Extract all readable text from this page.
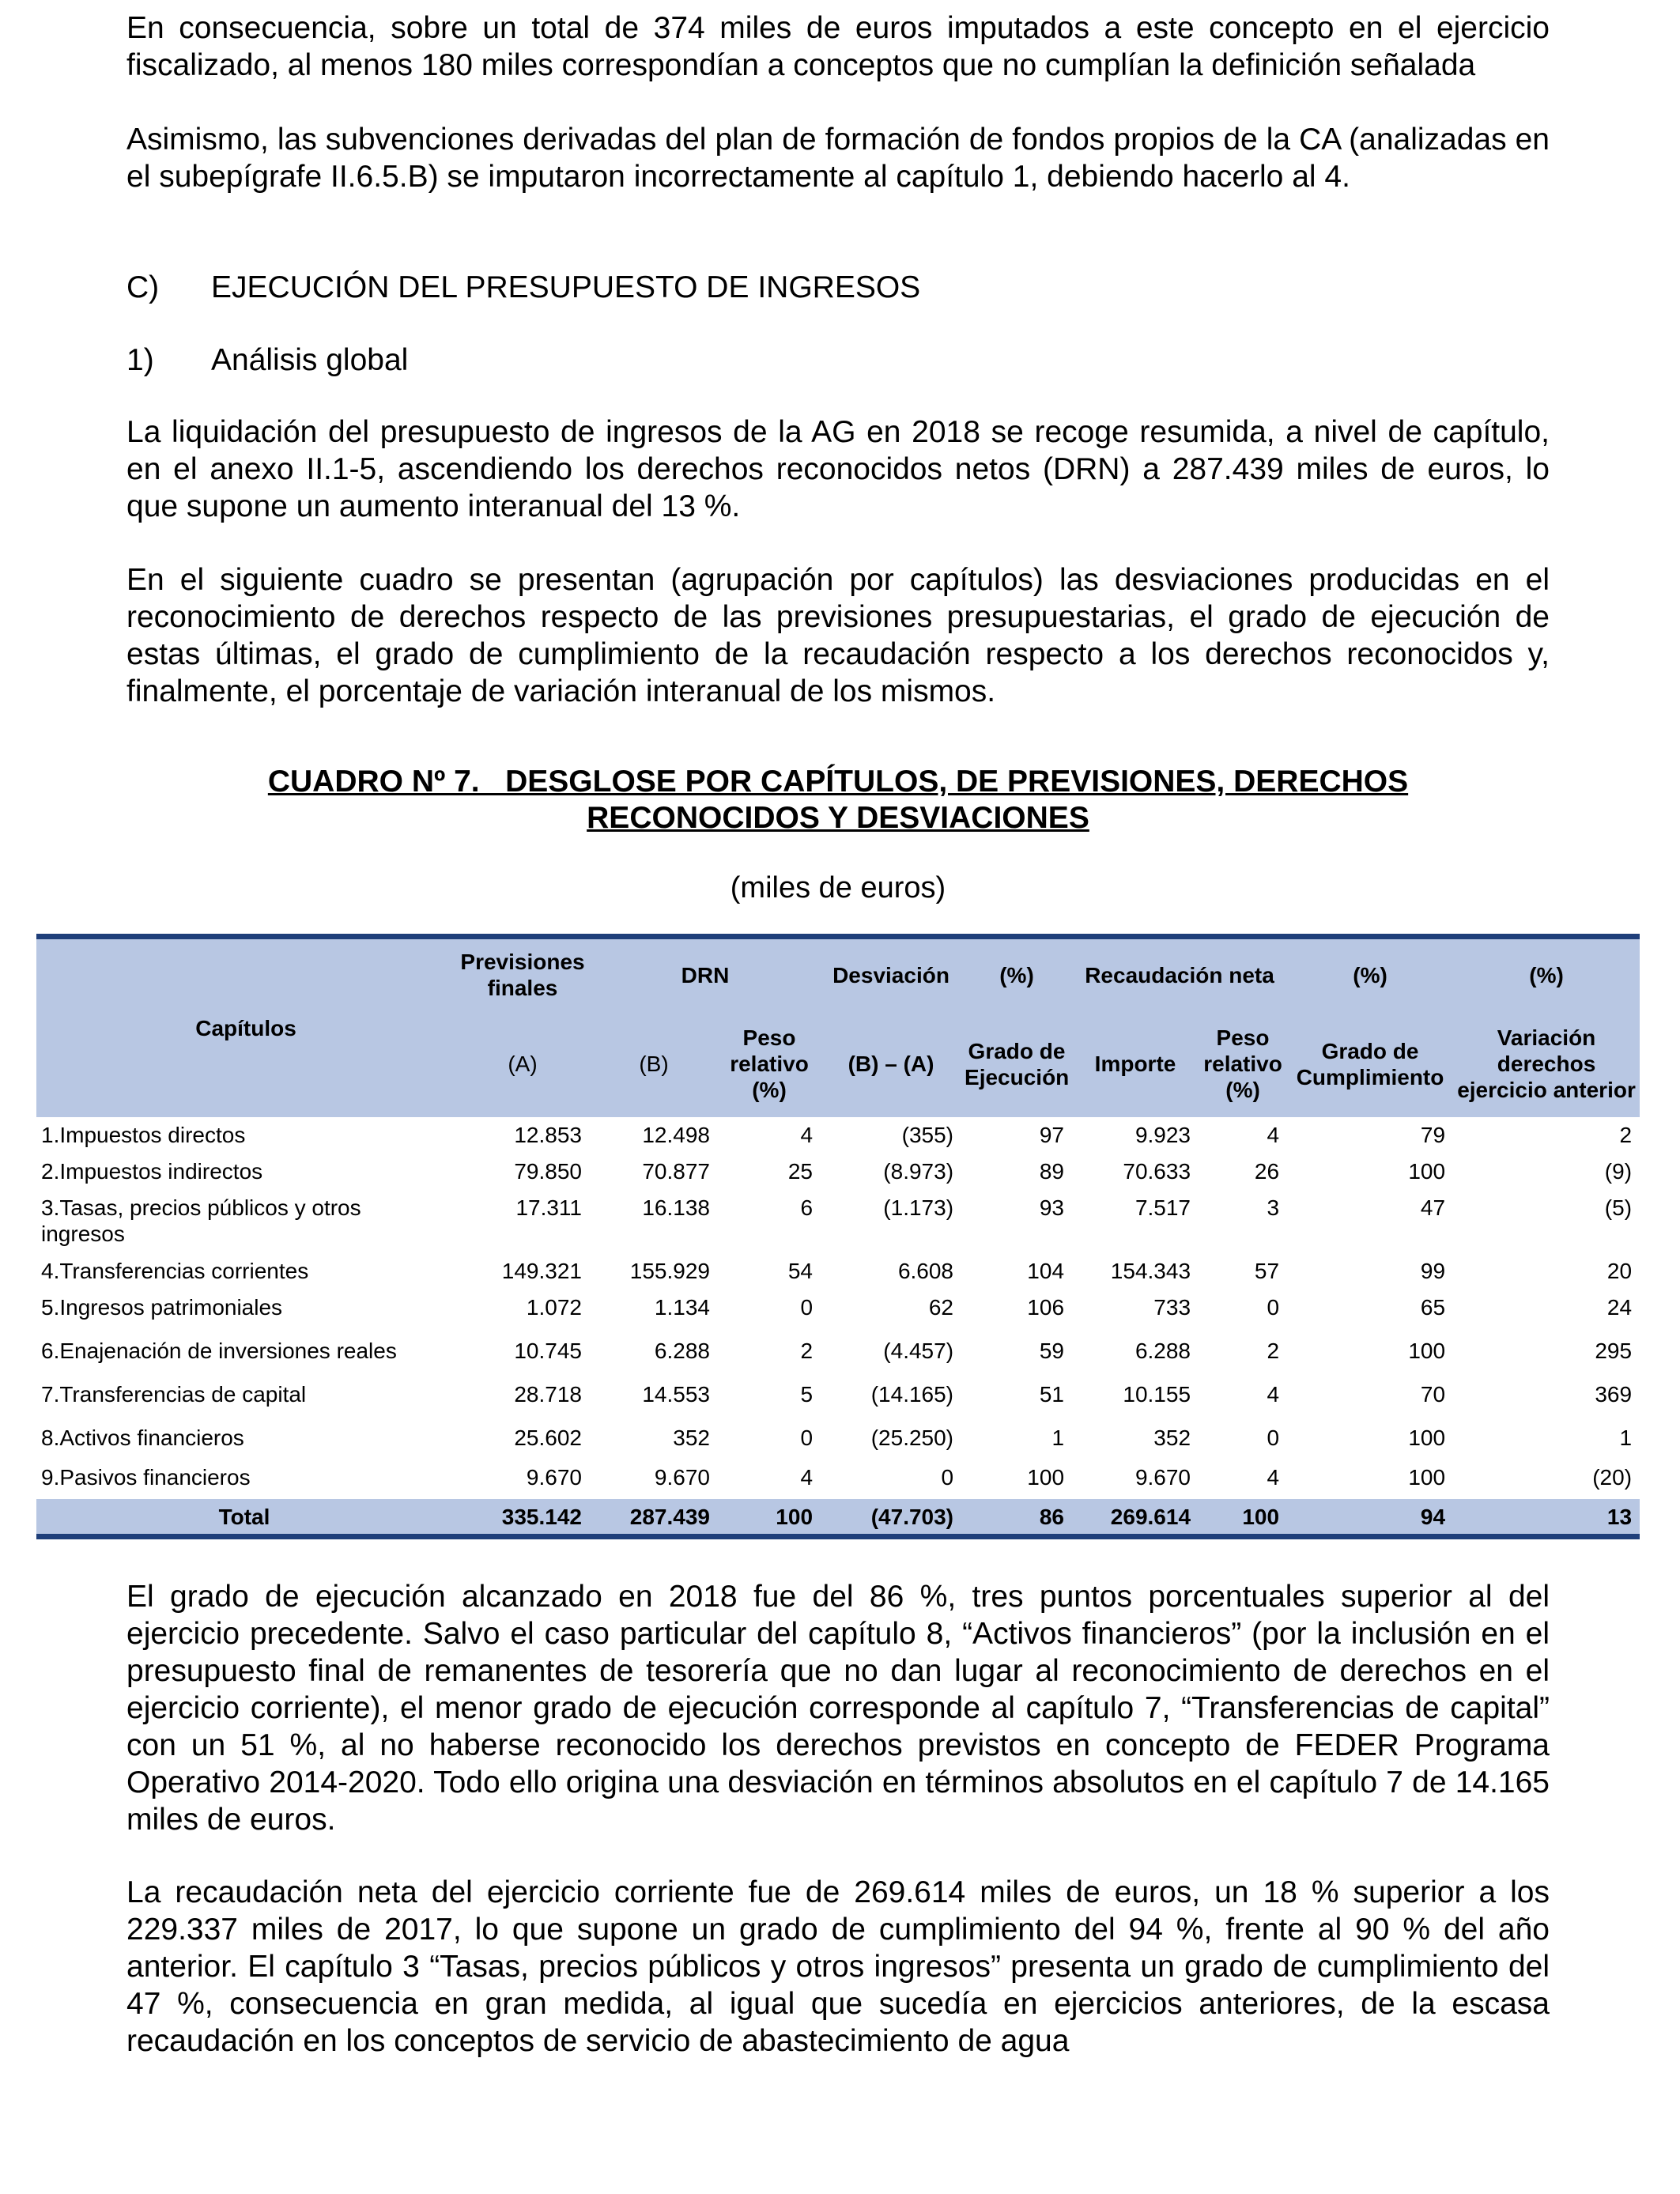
En consecuencia, sobre un total de 374 miles de euros imputados a este concepto en el ejercicio fiscalizado, al menos 180 miles correspondían a conceptos que no cumplían la definición señalada

Asimismo, las subvenciones derivadas del plan de formación de fondos propios de la CA (analizadas en el subepígrafe II.6.5.B) se imputaron incorrectamente al capítulo 1, debiendo hacerlo al 4.

C) EJECUCIÓN DEL PRESUPUESTO DE INGRESOS
1) Análisis global

La liquidación del presupuesto de ingresos de la AG en 2018 se recoge resumida, a nivel de capítulo, en el anexo II.1-5, ascendiendo los derechos reconocidos netos (DRN) a 287.439 miles de euros, lo que supone un aumento interanual del 13 %.

En el siguiente cuadro se presentan (agrupación por capítulos) las desviaciones producidas en el reconocimiento de derechos respecto de las previsiones presupuestarias, el grado de ejecución de estas últimas, el grado de cumplimiento de la recaudación respecto a los derechos reconocidos y, finalmente, el porcentaje de variación interanual de los mismos.

CUADRO Nº 7.   DESGLOSE POR CAPÍTULOS, DE PREVISIONES, DERECHOS
RECONOCIDOS Y DESVIACIONES
(miles de euros)
Capítulos	Previsiones finales	DRN		Desviación	(%)	Recaudación neta		(%)	(%)
	(A)	(B)	Peso relativo (%)	(B) – (A)	Grado de Ejecución	Importe	Peso relativo (%)	Grado de Cumplimiento	Variación derechos ejercicio anterior
1.Impuestos directos	12.853	12.498	4	(355)	97	9.923	4	79	2
2.Impuestos indirectos	79.850	70.877	25	(8.973)	89	70.633	26	100	(9)
3.Tasas, precios públicos y otros ingresos	17.311	16.138	6	(1.173)	93	7.517	3	47	(5)
4.Transferencias corrientes	149.321	155.929	54	6.608	104	154.343	57	99	20
5.Ingresos patrimoniales	1.072	1.134	0	62	106	733	0	65	24
6.Enajenación de inversiones reales	10.745	6.288	2	(4.457)	59	6.288	2	100	295
7.Transferencias de capital	28.718	14.553	5	(14.165)	51	10.155	4	70	369
8.Activos financieros	25.602	352	0	(25.250)	1	352	0	100	1
9.Pasivos financieros	9.670	9.670	4	0	100	9.670	4	100	(20)
Total	335.142	287.439	100	(47.703)	86	269.614	100	94	13

El grado de ejecución alcanzado en 2018 fue del 86 %, tres puntos porcentuales superior al del ejercicio precedente. Salvo el caso particular del capítulo 8, “Activos financieros” (por la inclusión en el presupuesto final de remanentes de tesorería que no dan lugar al reconocimiento de derechos en el ejercicio corriente), el menor grado de ejecución corresponde al capítulo 7, “Transferencias de capital” con un 51 %, al no haberse reconocido los derechos previstos en concepto de FEDER Programa Operativo 2014-2020. Todo ello origina una desviación en términos absolutos en el capítulo 7 de 14.165 miles de euros.

La recaudación neta del ejercicio corriente fue de 269.614 miles de euros, un 18 % superior a los 229.337 miles de 2017, lo que supone un grado de cumplimiento del 94 %, frente al 90 % del año anterior. El capítulo 3 “Tasas, precios públicos y otros ingresos” presenta un grado de cumplimiento del 47 %, consecuencia en gran medida, al igual que sucedía en ejercicios anteriores, de la escasa recaudación en los conceptos de servicio de abastecimiento de agua
